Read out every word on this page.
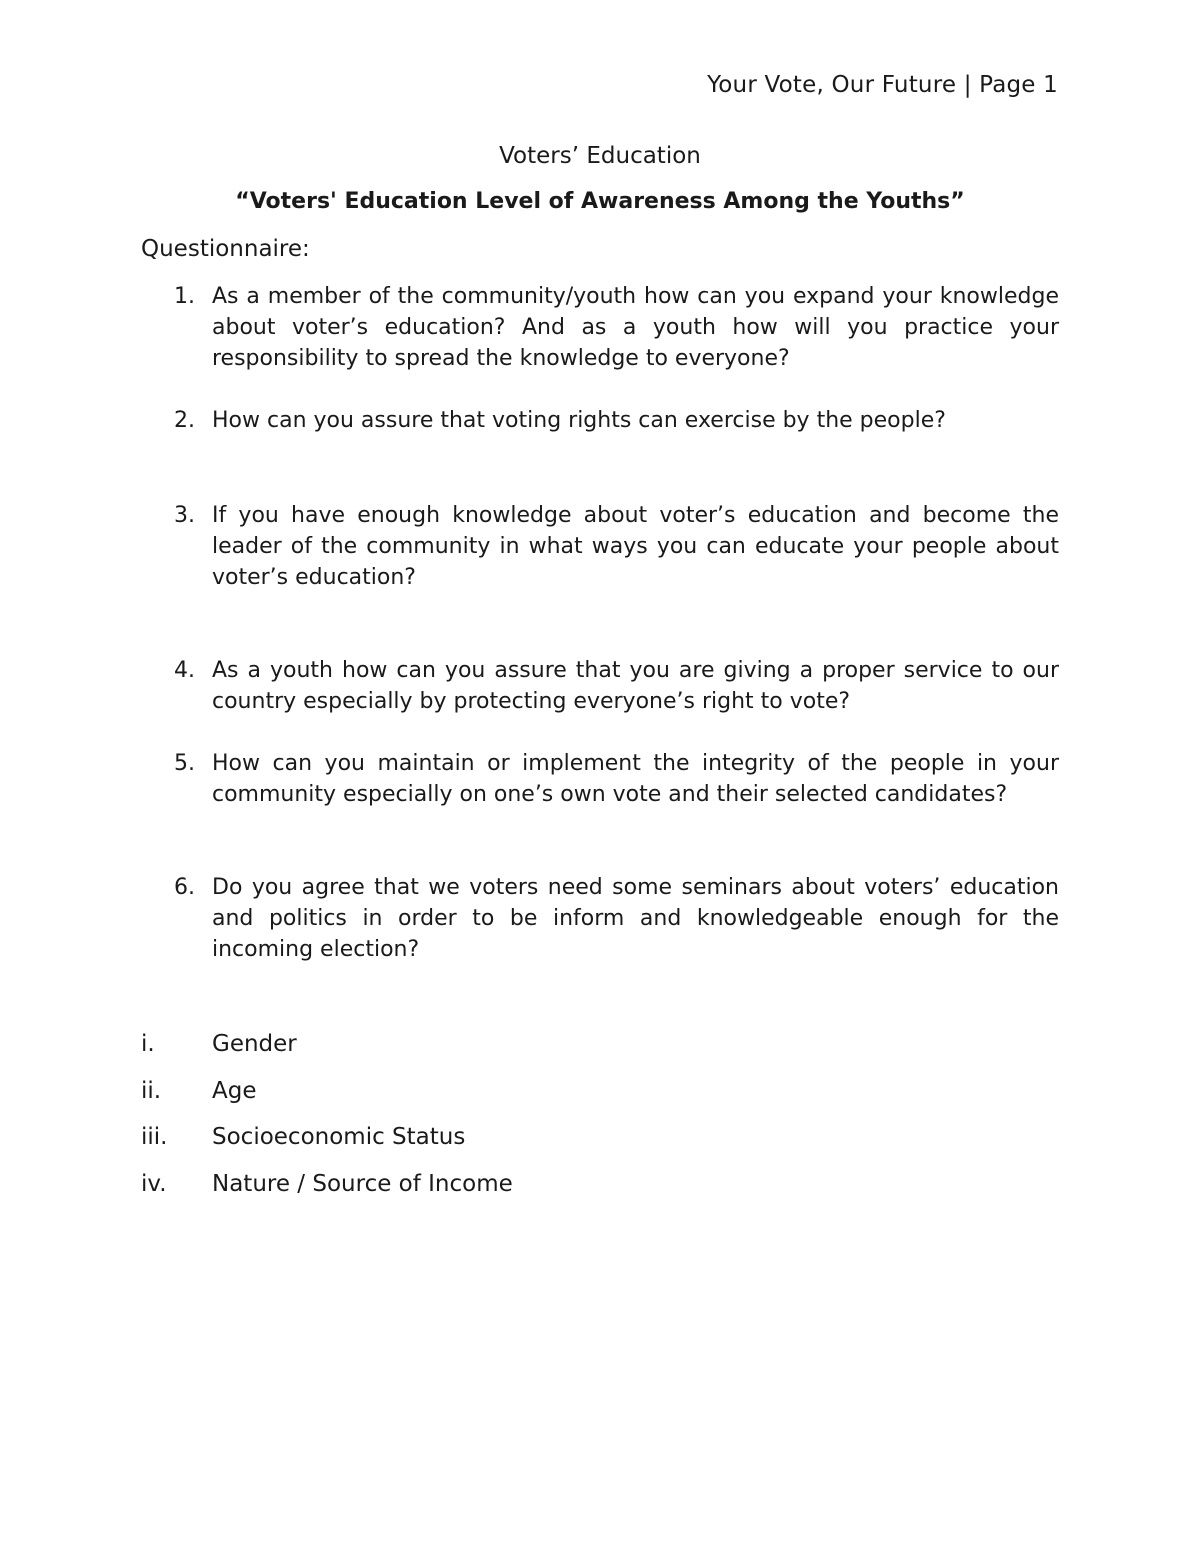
Your Vote, Our Future | Page 1
Voters’ Education
“Voters' Education Level of Awareness Among the Youths”
Questionnaire:
1. As a member of the community/youth how can you expand your knowledge about voter’s education? And as a youth how will you practice your responsibility to spread the knowledge to everyone?
2. How can you assure that voting rights can exercise by the people?
3. If you have enough knowledge about voter’s education and become the leader of the community in what ways you can educate your people about voter’s education?
4. As a youth how can you assure that you are giving a proper service to our country especially by protecting everyone’s right to vote?
5. How can you maintain or implement the integrity of the people in your community especially on one’s own vote and their selected candidates?
6. Do you agree that we voters need some seminars about voters’ education and politics in order to be inform and knowledgeable enough for the incoming election?
i. Gender
ii. Age
iii. Socioeconomic Status
iv. Nature / Source of Income
